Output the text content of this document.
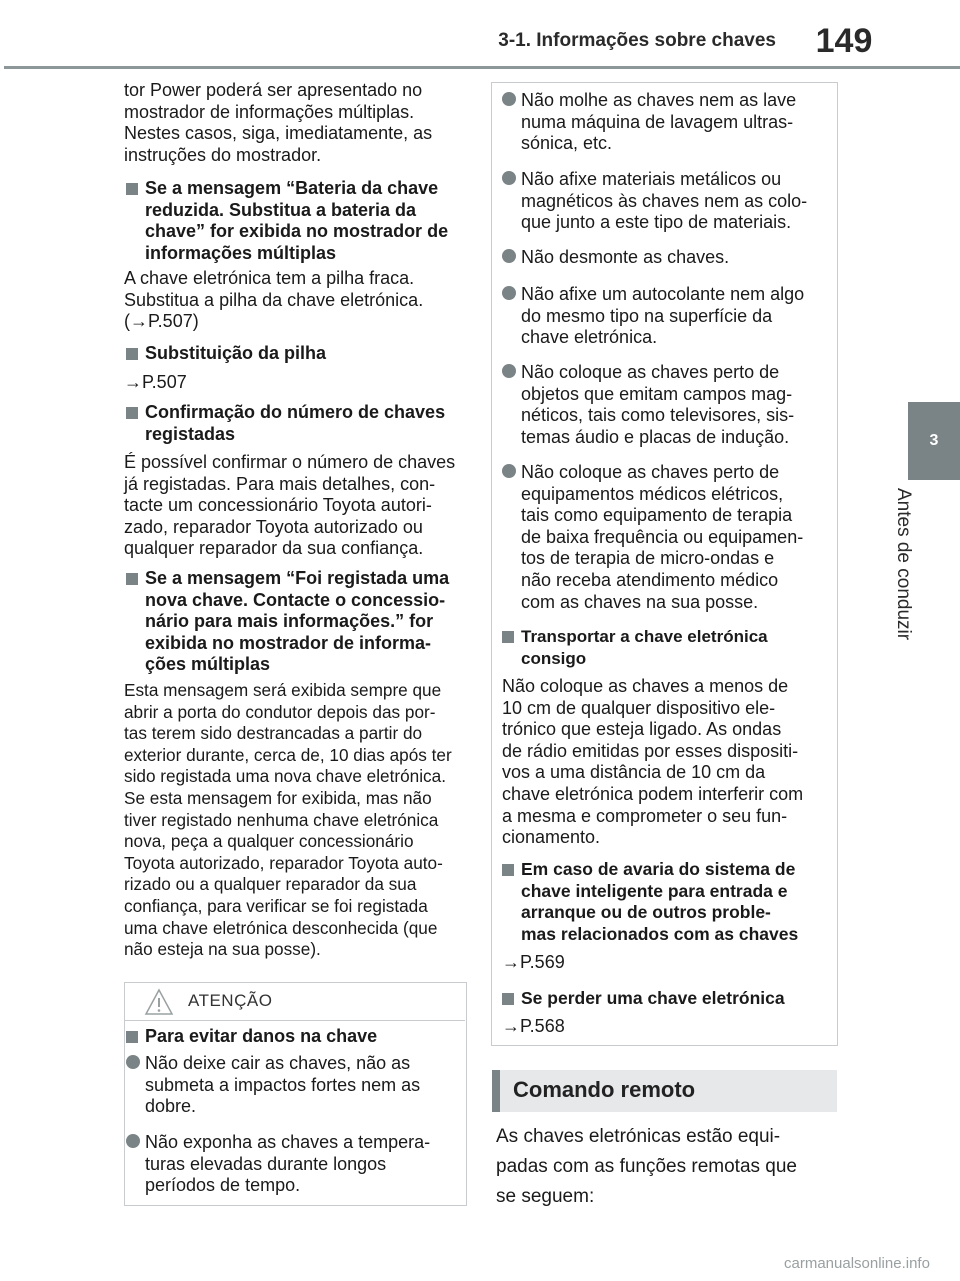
3-1. Informações sobre chaves	149
3
Antes de conduzir
tor Power poderá ser apresentado no
mostrador de informações múltiplas.
Nestes casos, siga, imediatamente, as
instruções do mostrador.
Se a mensagem “Bateria da chave
reduzida. Substitua a bateria da
chave” for exibida no mostrador de
informações múltiplas
A chave eletrónica tem a pilha fraca.
Substitua a pilha da chave eletrónica.
(→P.507)
Substituição da pilha
→P.507
Confirmação do número de chaves
registadas
É possível confirmar o número de chaves
já registadas. Para mais detalhes, con-
tacte um concessionário Toyota autori-
zado, reparador Toyota autorizado ou
qualquer reparador da sua confiança.
Se a mensagem “Foi registada uma
nova chave. Contacte o concessio-
nário para mais informações.” for
exibida no mostrador de informa-
ções múltiplas
Esta mensagem será exibida sempre que
abrir a porta do condutor depois das por-
tas terem sido destrancadas a partir do
exterior durante, cerca de, 10 dias após ter
sido registada uma nova chave eletrónica.
Se esta mensagem for exibida, mas não
tiver registado nenhuma chave eletrónica
nova, peça a qualquer concessionário
Toyota autorizado, reparador Toyota auto-
rizado ou a qualquer reparador da sua
confiança, para verificar se foi registada
uma chave eletrónica desconhecida (que
não esteja na sua posse).
ATENÇÃO
Para evitar danos na chave
Não deixe cair as chaves, não as
submeta a impactos fortes nem as
dobre.
Não exponha as chaves a tempera-
turas elevadas durante longos
períodos de tempo.
Não molhe as chaves nem as lave
numa máquina de lavagem ultras-
sónica, etc.
Não afixe materiais metálicos ou
magnéticos às chaves nem as colo-
que junto a este tipo de materiais.
Não desmonte as chaves.
Não afixe um autocolante nem algo
do mesmo tipo na superfície da
chave eletrónica.
Não coloque as chaves perto de
objetos que emitam campos mag-
néticos, tais como televisores, sis-
temas áudio e placas de indução.
Não coloque as chaves perto de
equipamentos médicos elétricos,
tais como equipamento de terapia
de baixa frequência ou equipamen-
tos de terapia de micro-ondas e
não receba atendimento médico
com as chaves na sua posse.
Transportar a chave eletrónica
consigo
Não coloque as chaves a menos de
10 cm de qualquer dispositivo ele-
trónico que esteja ligado. As ondas
de rádio emitidas por esses dispositi-
vos a uma distância de 10 cm da
chave eletrónica podem interferir com
a mesma e comprometer o seu fun-
cionamento.
Em caso de avaria do sistema de
chave inteligente para entrada e
arranque ou de outros proble-
mas relacionados com as chaves
→P.569
Se perder uma chave eletrónica
→P.568
Comando remoto
As chaves eletrónicas estão equi-
padas com as funções remotas que
se seguem:
carmanualsonline.info
